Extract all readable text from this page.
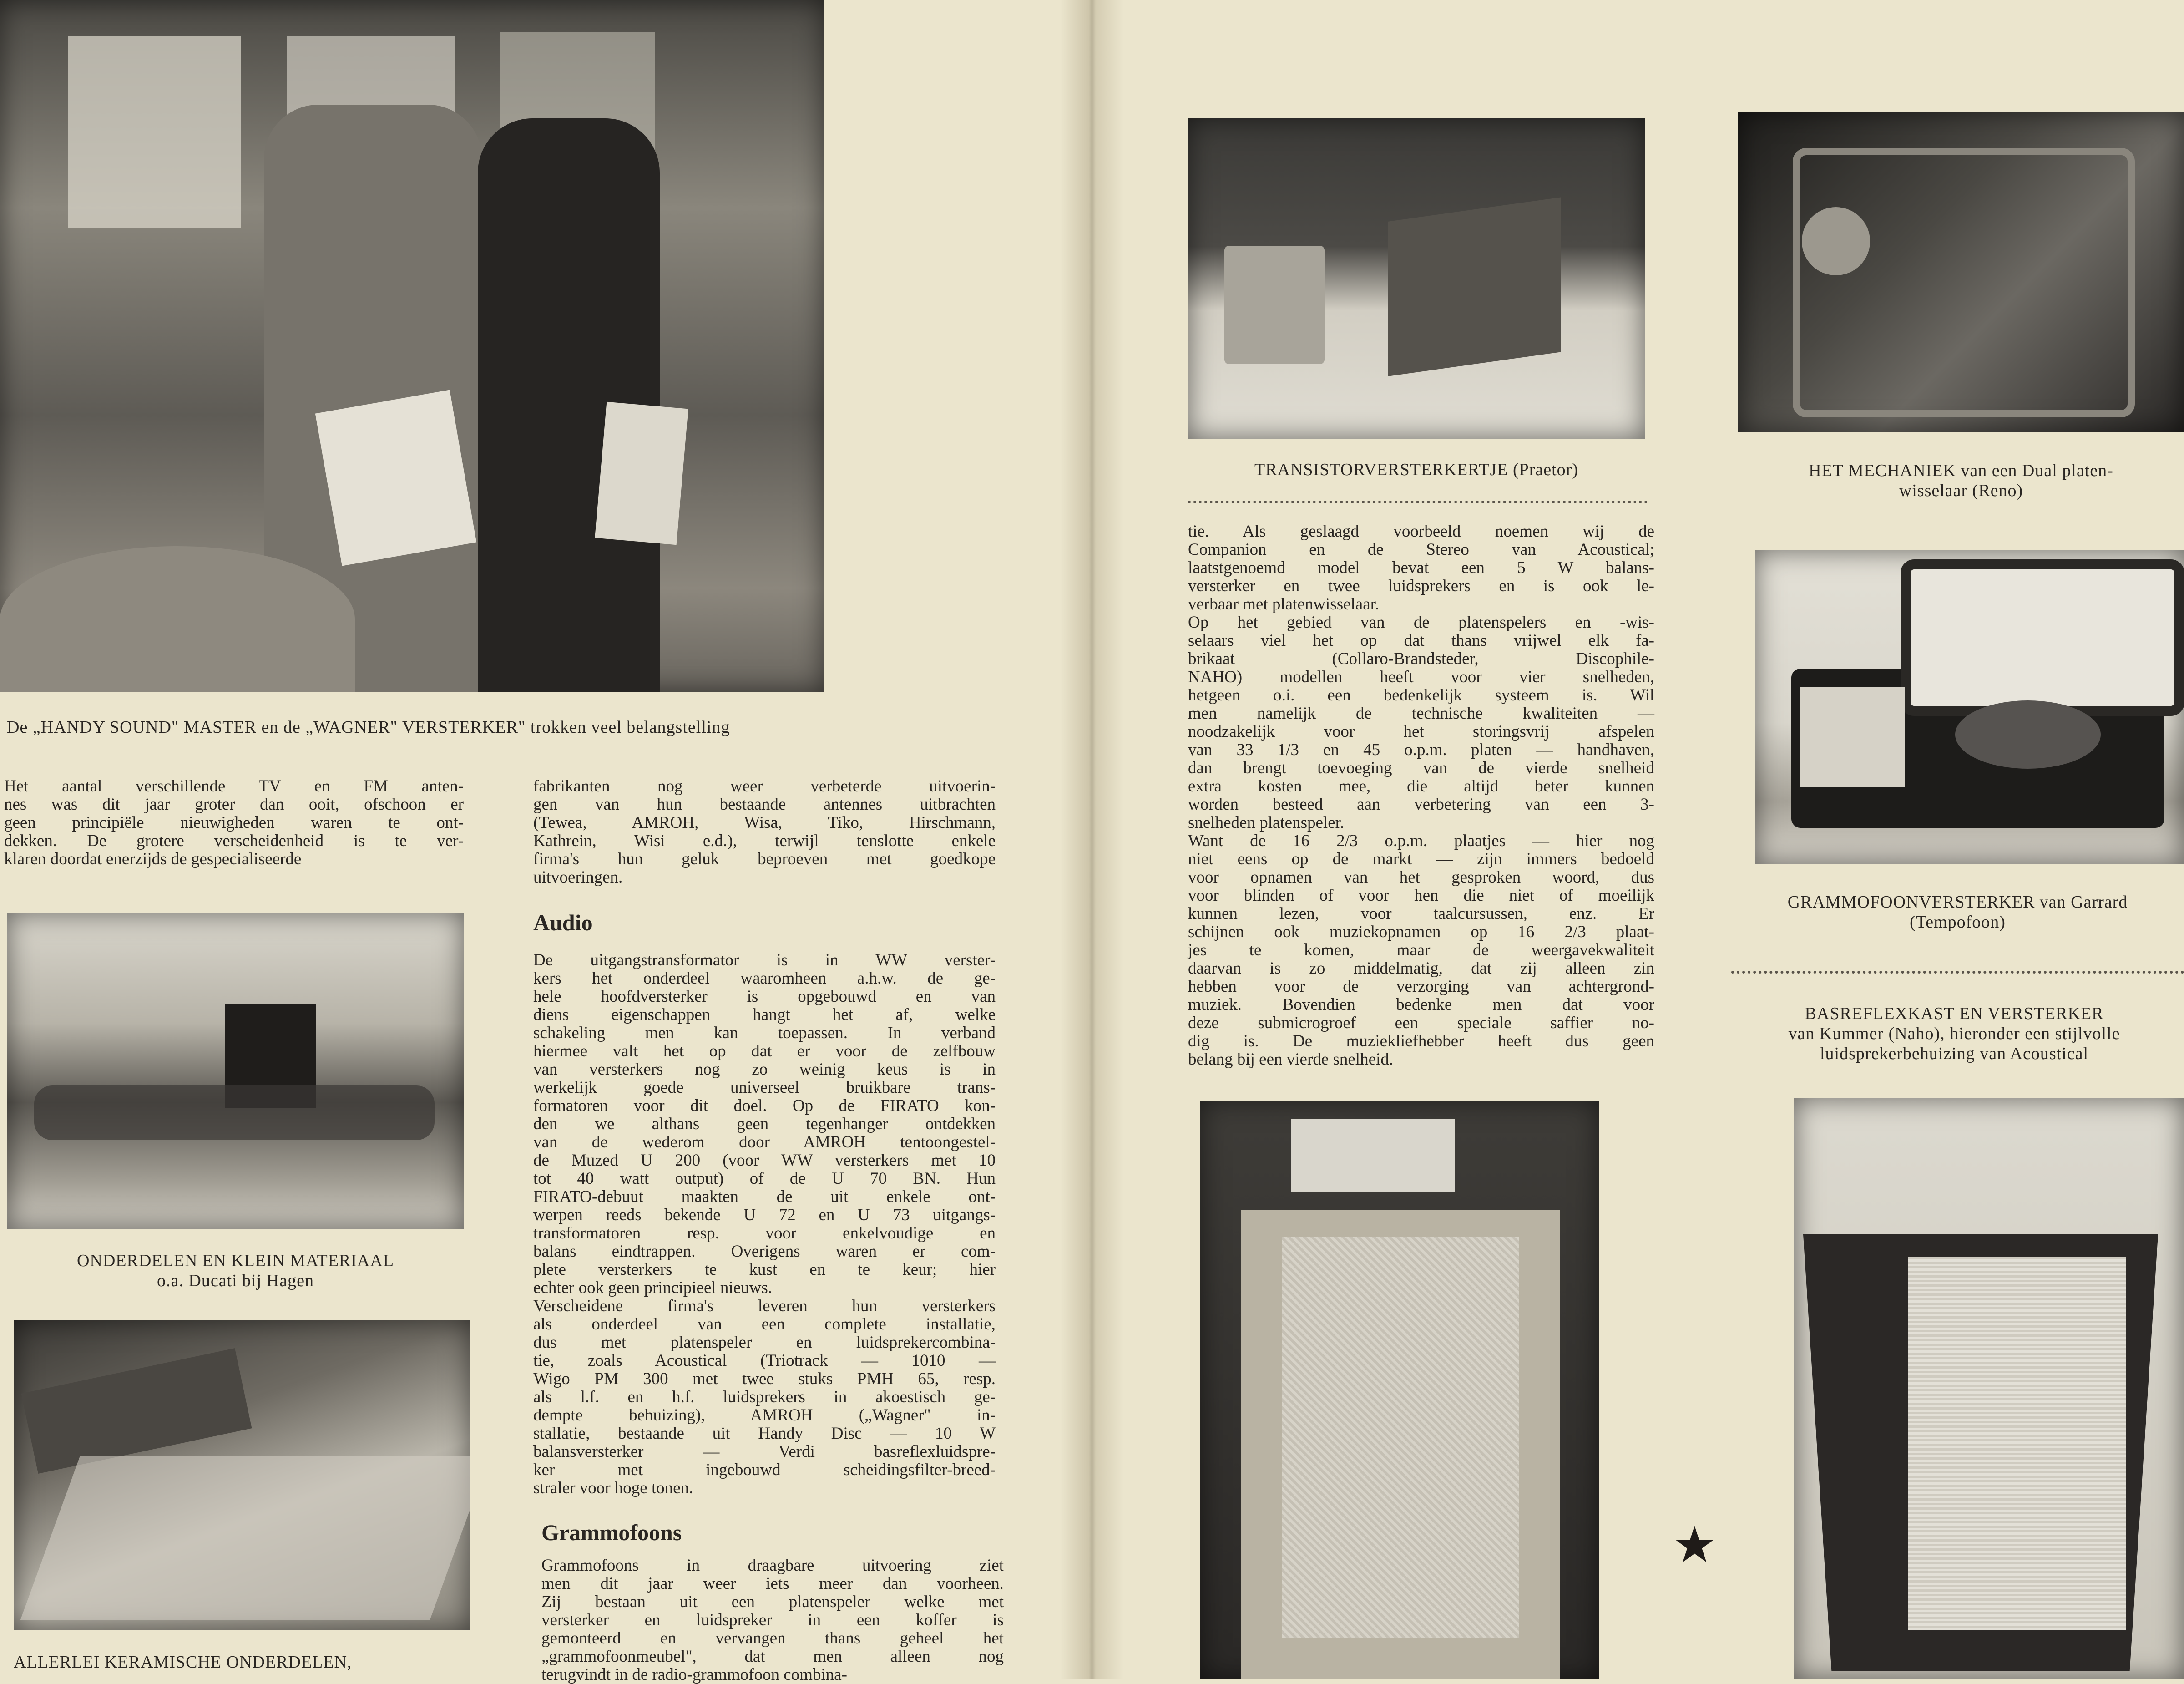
De „HANDY SOUND" MASTER en de „WAGNER" VERSTERKER" trokken veel belangstelling
Het aantal verschillende TV en FM anten-
nes was dit jaar groter dan ooit, ofschoon er
geen principiële nieuwigheden waren te ont-
dekken. De grotere verscheidenheid is te ver-
klaren doordat enerzijds de gespecialiseerde
fabrikanten nog weer verbeterde uitvoerin-
gen van hun bestaande antennes uitbrachten
(Tewea, AMROH, Wisa, Tiko, Hirschmann,
Kathrein, Wisi e.d.), terwijl tenslotte enkele
firma's hun geluk beproeven met goedkope
uitvoeringen.
ONDERDELEN EN KLEIN MATERIAAL
o.a. Ducati bij Hagen
ALLERLEI KERAMISCHE ONDERDELEN,
Audio
De uitgangstransformator is in WW verster-
kers het onderdeel waaromheen a.h.w. de ge-
hele hoofdversterker is opgebouwd en van
diens eigenschappen hangt het af, welke
schakeling men kan toepassen. In verband
hiermee valt het op dat er voor de zelfbouw
van versterkers nog zo weinig keus is in
werkelijk goede universeel bruikbare trans-
formatoren voor dit doel. Op de FIRATO kon-
den we althans geen tegenhanger ontdekken
van de wederom door AMROH tentoongestel-
de Muzed U 200 (voor WW versterkers met 10
tot 40 watt output) of de U 70 BN. Hun
FIRATO-debuut maakten de uit enkele ont-
werpen reeds bekende U 72 en U 73 uitgangs-
transformatoren resp. voor enkelvoudige en
balans eindtrappen. Overigens waren er com-
plete versterkers te kust en te keur; hier
echter ook geen principieel nieuws.
Verscheidene firma's leveren hun versterkers
als onderdeel van een complete installatie,
dus met platenspeler en luidsprekercombina-
tie, zoals Acoustical (Triotrack — 1010 —
Wigo PM 300 met twee stuks PMH 65, resp.
als l.f. en h.f. luidsprekers in akoestisch ge-
dempte behuizing), AMROH („Wagner" in-
stallatie, bestaande uit Handy Disc — 10 W
balansversterker — Verdi basreflexluidspre-
ker met ingebouwd scheidingsfilter-breed-
straler voor hoge tonen.
Grammofoons
Grammofoons in draagbare uitvoering ziet
men dit jaar weer iets meer dan voorheen.
Zij bestaan uit een platenspeler welke met
versterker en luidspreker in een koffer is
gemonteerd en vervangen thans geheel het
„grammofoonmeubel", dat men alleen nog
terugvindt in de radio-grammofoon combina-
TRANSISTORVERSTERKERTJE (Praetor)	HET MECHANIEK van een Dual platen-
wisselaar (Reno)
tie. Als geslaagd voorbeeld noemen wij de
Companion en de Stereo van Acoustical;
laatstgenoemd model bevat een 5 W balans-
versterker en twee luidsprekers en is ook le-
verbaar met platenwisselaar.
Op het gebied van de platenspelers en -wis-
selaars viel het op dat thans vrijwel elk fa-
brikaat (Collaro-Brandsteder, Discophile-
NAHO) modellen heeft voor vier snelheden,
hetgeen o.i. een bedenkelijk systeem is. Wil
men namelijk de technische kwaliteiten —
noodzakelijk voor het storingsvrij afspelen
van 33 1/3 en 45 o.p.m. platen — handhaven,
dan brengt toevoeging van de vierde snelheid
extra kosten mee, die altijd beter kunnen
worden besteed aan verbetering van een 3-
snelheden platenspeler.
Want de 16 2/3 o.p.m. plaatjes — hier nog
niet eens op de markt — zijn immers bedoeld
voor opnamen van het gesproken woord, dus
voor blinden of voor hen die niet of moeilijk
kunnen lezen, voor taalcursussen, enz. Er
schijnen ook muziekopnamen op 16 2/3 plaat-
jes te komen, maar de weergavekwaliteit
daarvan is zo middelmatig, dat zij alleen zin
hebben voor de verzorging van achtergrond-
muziek. Bovendien bedenke men dat voor
deze submicrogroef een speciale saffier no-
dig is. De muziekliefhebber heeft dus geen
belang bij een vierde snelheid.
GRAMMOFOONVERSTERKER van Garrard
(Tempofoon)
BASREFLEXKAST EN VERSTERKER
van Kummer (Naho), hieronder een stijlvolle
luidsprekerbehuizing van Acoustical
★
